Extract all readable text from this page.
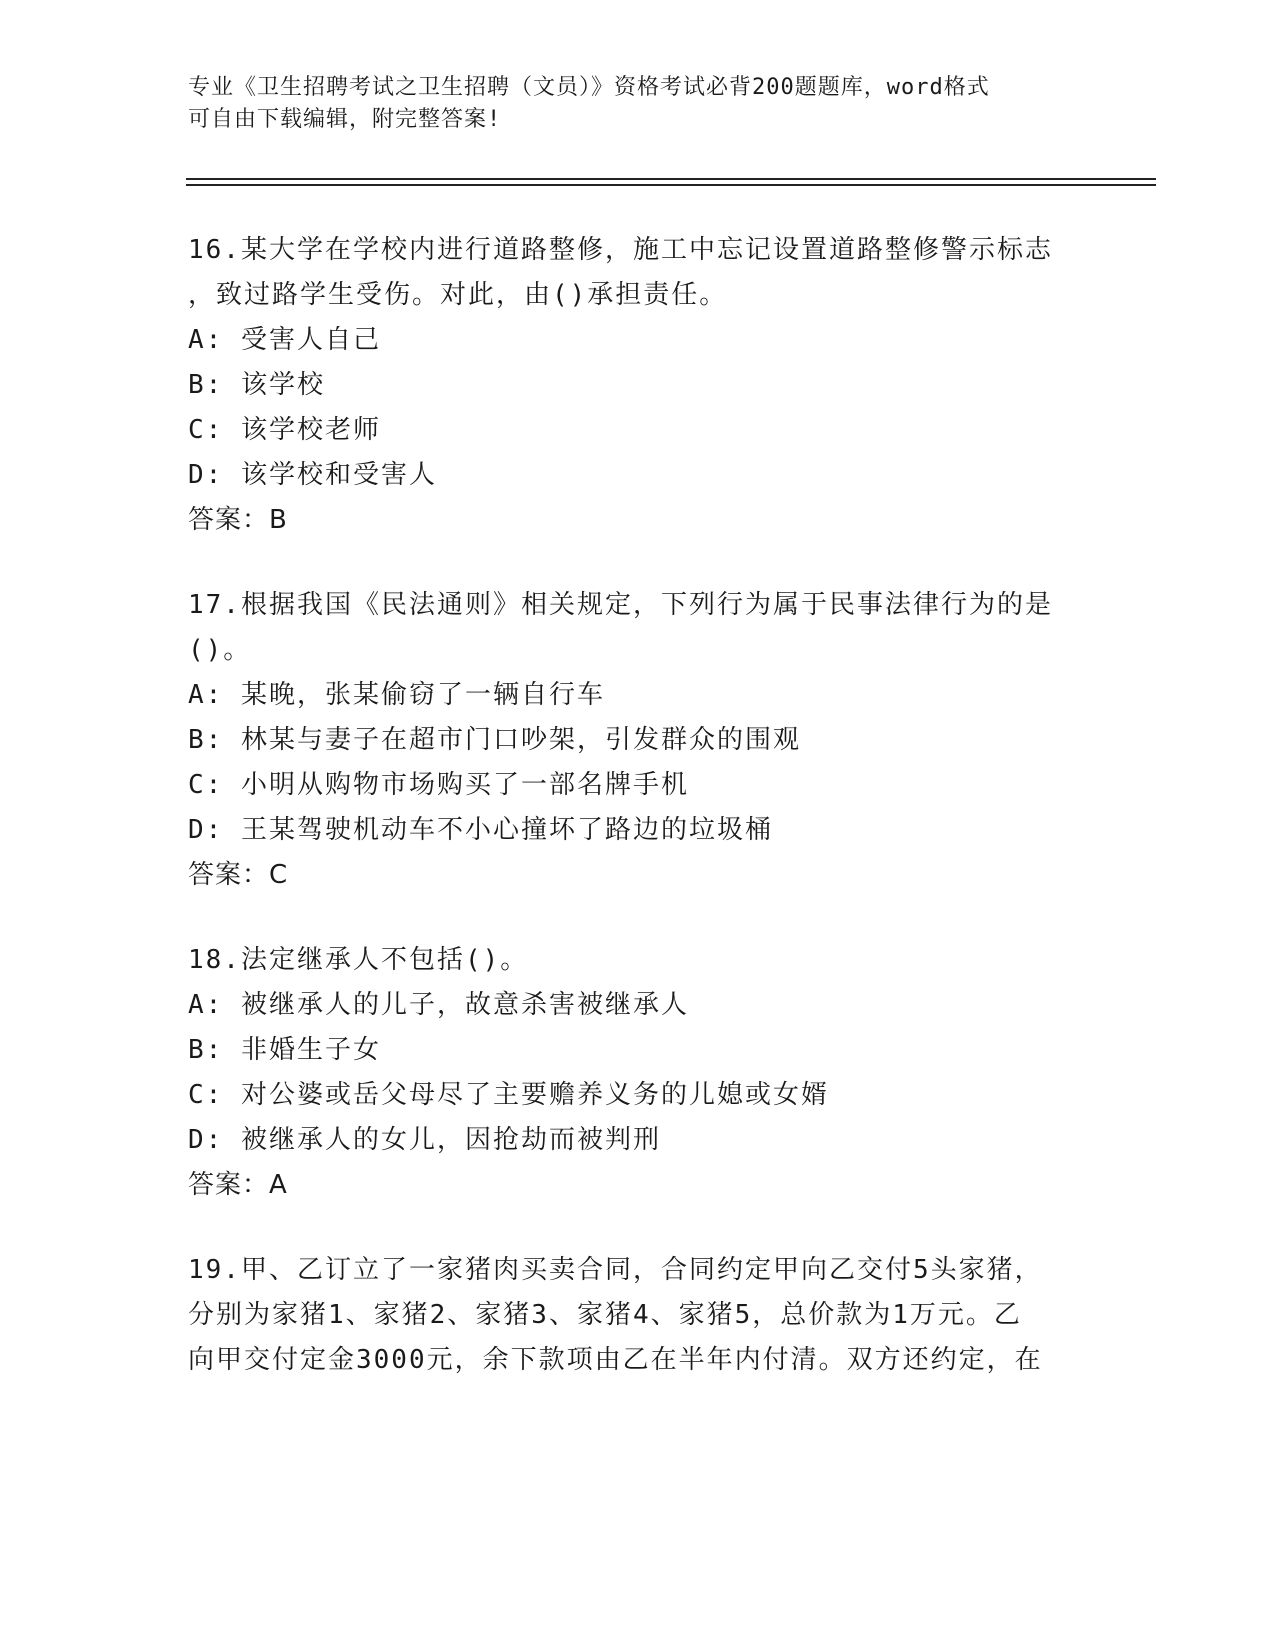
专业《卫生招聘考试之卫生招聘（文员）》资格考试必背200题题库，word格式
可自由下载编辑，附完整答案!
16.某大学在学校内进行道路整修，施工中忘记设置道路整修警示标志
，致过路学生受伤。对此，由()承担责任。
A: 受害人自己
B: 该学校
C: 该学校老师
D: 该学校和受害人
答案：B
17.根据我国《民法通则》相关规定，下列行为属于民事法律行为的是
()。
A: 某晚，张某偷窃了一辆自行车
B: 林某与妻子在超市门口吵架，引发群众的围观
C: 小明从购物市场购买了一部名牌手机
D: 王某驾驶机动车不小心撞坏了路边的垃圾桶
答案：C
18.法定继承人不包括()。
A: 被继承人的儿子，故意杀害被继承人
B: 非婚生子女
C: 对公婆或岳父母尽了主要赡养义务的儿媳或女婿
D: 被继承人的女儿，因抢劫而被判刑
答案：A
19.甲、乙订立了一家猪肉买卖合同，合同约定甲向乙交付5头家猪，
分别为家猪1、家猪2、家猪3、家猪4、家猪5，总价款为1万元。乙
向甲交付定金3000元，余下款项由乙在半年内付清。双方还约定，在
